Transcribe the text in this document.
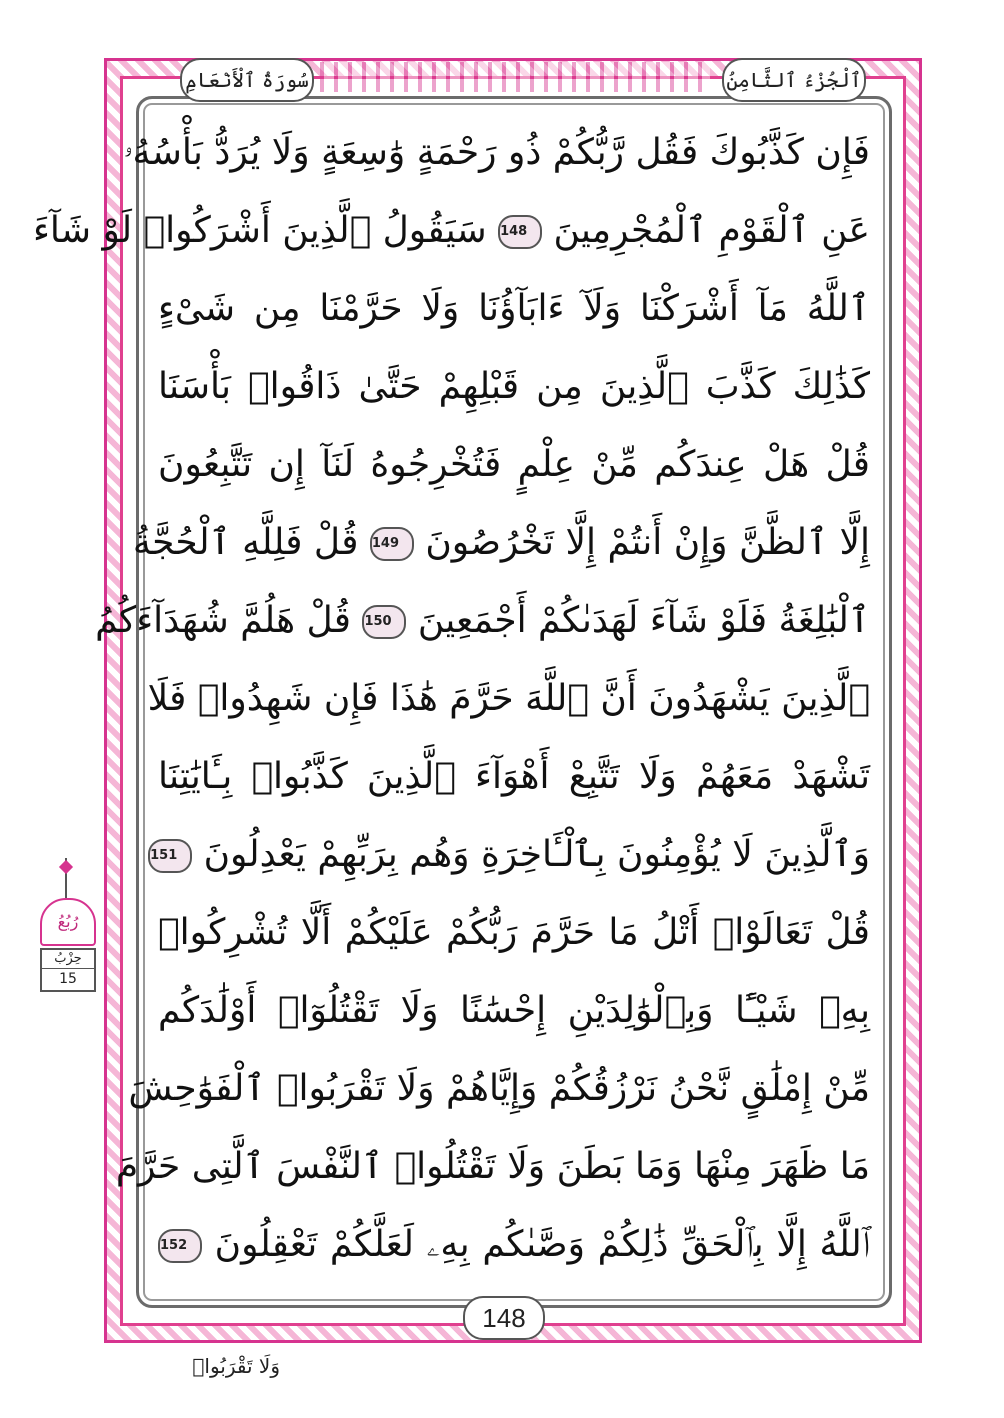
ٱلْجُزْءُ ٱلثَّامِنُ
سُورَةُ ٱلْأَنْعَامِ
فَإِن كَذَّبُوكَ فَقُل رَّبُّكُمْ ذُو رَحْمَةٍ وَٰسِعَةٍ وَلَا يُرَدُّ بَأْسُهُۥ
عَنِ ٱلْقَوْمِ ٱلْمُجْرِمِينَ 148 سَيَقُولُ ٱلَّذِينَ أَشْرَكُوا۟ لَوْ شَآءَ
ٱللَّهُ مَآ أَشْرَكْنَا وَلَآ ءَابَآؤُنَا وَلَا حَرَّمْنَا مِن شَىْءٍ
كَذَٰلِكَ كَذَّبَ ٱلَّذِينَ مِن قَبْلِهِمْ حَتَّىٰ ذَاقُوا۟ بَأْسَنَا
قُلْ هَلْ عِندَكُم مِّنْ عِلْمٍ فَتُخْرِجُوهُ لَنَآ إِن تَتَّبِعُونَ
إِلَّا ٱلظَّنَّ وَإِنْ أَنتُمْ إِلَّا تَخْرُصُونَ 149 قُلْ فَلِلَّهِ ٱلْحُجَّةُ
ٱلْبَٰلِغَةُ فَلَوْ شَآءَ لَهَدَىٰكُمْ أَجْمَعِينَ 150 قُلْ هَلُمَّ شُهَدَآءَكُمُ
ٱلَّذِينَ يَشْهَدُونَ أَنَّ ٱللَّهَ حَرَّمَ هَٰذَا فَإِن شَهِدُوا۟ فَلَا
تَشْهَدْ مَعَهُمْ وَلَا تَتَّبِعْ أَهْوَآءَ ٱلَّذِينَ كَذَّبُوا۟ بِـَٔايَٰتِنَا
وَٱلَّذِينَ لَا يُؤْمِنُونَ بِٱلْـَٔاخِرَةِ وَهُم بِرَبِّهِمْ يَعْدِلُونَ 151
قُلْ تَعَالَوْا۟ أَتْلُ مَا حَرَّمَ رَبُّكُمْ عَلَيْكُمْ أَلَّا تُشْرِكُوا۟
بِهِۦ شَيْـًٔا وَبِٱلْوَٰلِدَيْنِ إِحْسَٰنًا وَلَا تَقْتُلُوٓا۟ أَوْلَٰدَكُم
مِّنْ إِمْلَٰقٍ نَّحْنُ نَرْزُقُكُمْ وَإِيَّاهُمْ وَلَا تَقْرَبُوا۟ ٱلْفَوَٰحِشَ
مَا ظَهَرَ مِنْهَا وَمَا بَطَنَ وَلَا تَقْتُلُوا۟ ٱلنَّفْسَ ٱلَّتِى حَرَّمَ
ٱللَّهُ إِلَّا بِٱلْحَقِّ ذَٰلِكُمْ وَصَّىٰكُم بِهِۦ لَعَلَّكُمْ تَعْقِلُونَ 152
رُبُعُ
حِزْبُ
15
148
وَلَا تَقْرَبُوا۟
